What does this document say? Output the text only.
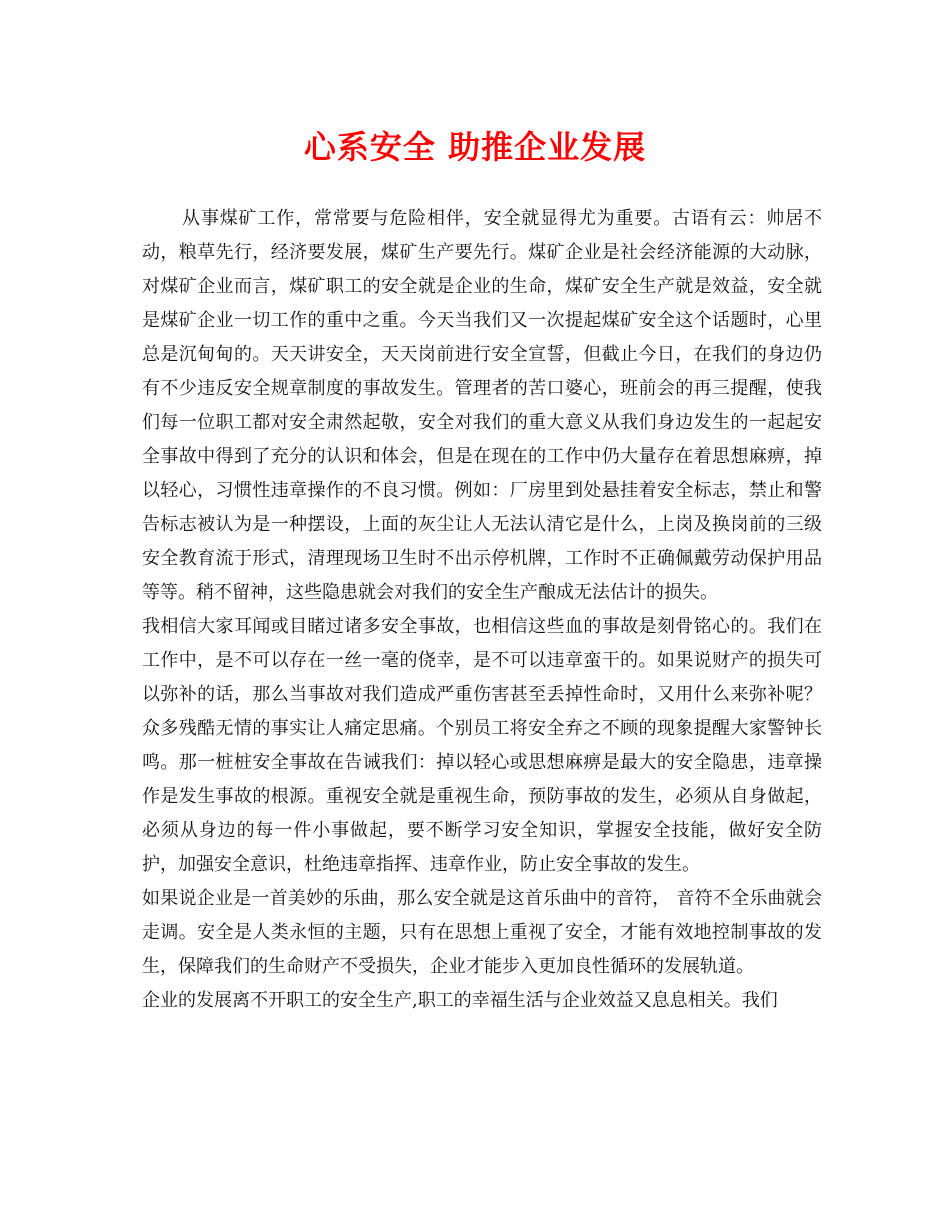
心系安全 助推企业发展

从事煤矿工作，常常要与危险相伴，安全就显得尤为重要。古语有云：帅居不动，粮草先行，经济要发展，煤矿生产要先行。煤矿企业是社会经济能源的大动脉，对煤矿企业而言，煤矿职工的安全就是企业的生命，煤矿安全生产就是效益，安全就是煤矿企业一切工作的重中之重。今天当我们又一次提起煤矿安全这个话题时，心里总是沉甸甸的。天天讲安全，天天岗前进行安全宣誓，但截止今日，在我们的身边仍有不少违反安全规章制度的事故发生。管理者的苦口婆心，班前会的再三提醒，使我们每一位职工都对安全肃然起敬，安全对我们的重大意义从我们身边发生的一起起安全事故中得到了充分的认识和体会，但是在现在的工作中仍大量存在着思想麻痹，掉以轻心，习惯性违章操作的不良习惯。例如：厂房里到处悬挂着安全标志，禁止和警告标志被认为是一种摆设，上面的灰尘让人无法认清它是什么，上岗及换岗前的三级安全教育流于形式，清理现场卫生时不出示停机牌，工作时不正确佩戴劳动保护用品等等。稍不留神，这些隐患就会对我们的安全生产酿成无法估计的损失。

我相信大家耳闻或目睹过诸多安全事故，也相信这些血的事故是刻骨铭心的。我们在工作中，是不可以存在一丝一毫的侥幸，是不可以违章蛮干的。如果说财产的损失可以弥补的话，那么当事故对我们造成严重伤害甚至丢掉性命时，又用什么来弥补呢？众多残酷无情的事实让人痛定思痛。个别员工将安全弃之不顾的现象提醒大家警钟长鸣。那一桩桩安全事故在告诫我们：掉以轻心或思想麻痹是最大的安全隐患，违章操作是发生事故的根源。重视安全就是重视生命，预防事故的发生，必须从自身做起，必须从身边的每一件小事做起，要不断学习安全知识，掌握安全技能，做好安全防护，加强安全意识，杜绝违章指挥、违章作业，防止安全事故的发生。

如果说企业是一首美妙的乐曲，那么安全就是这首乐曲中的音符， 音符不全乐曲就会走调。安全是人类永恒的主题，只有在思想上重视了安全，才能有效地控制事故的发生，保障我们的生命财产不受损失，企业才能步入更加良性循环的发展轨道。

企业的发展离不开职工的安全生产,职工的幸福生活与企业效益又息息相关。我们
